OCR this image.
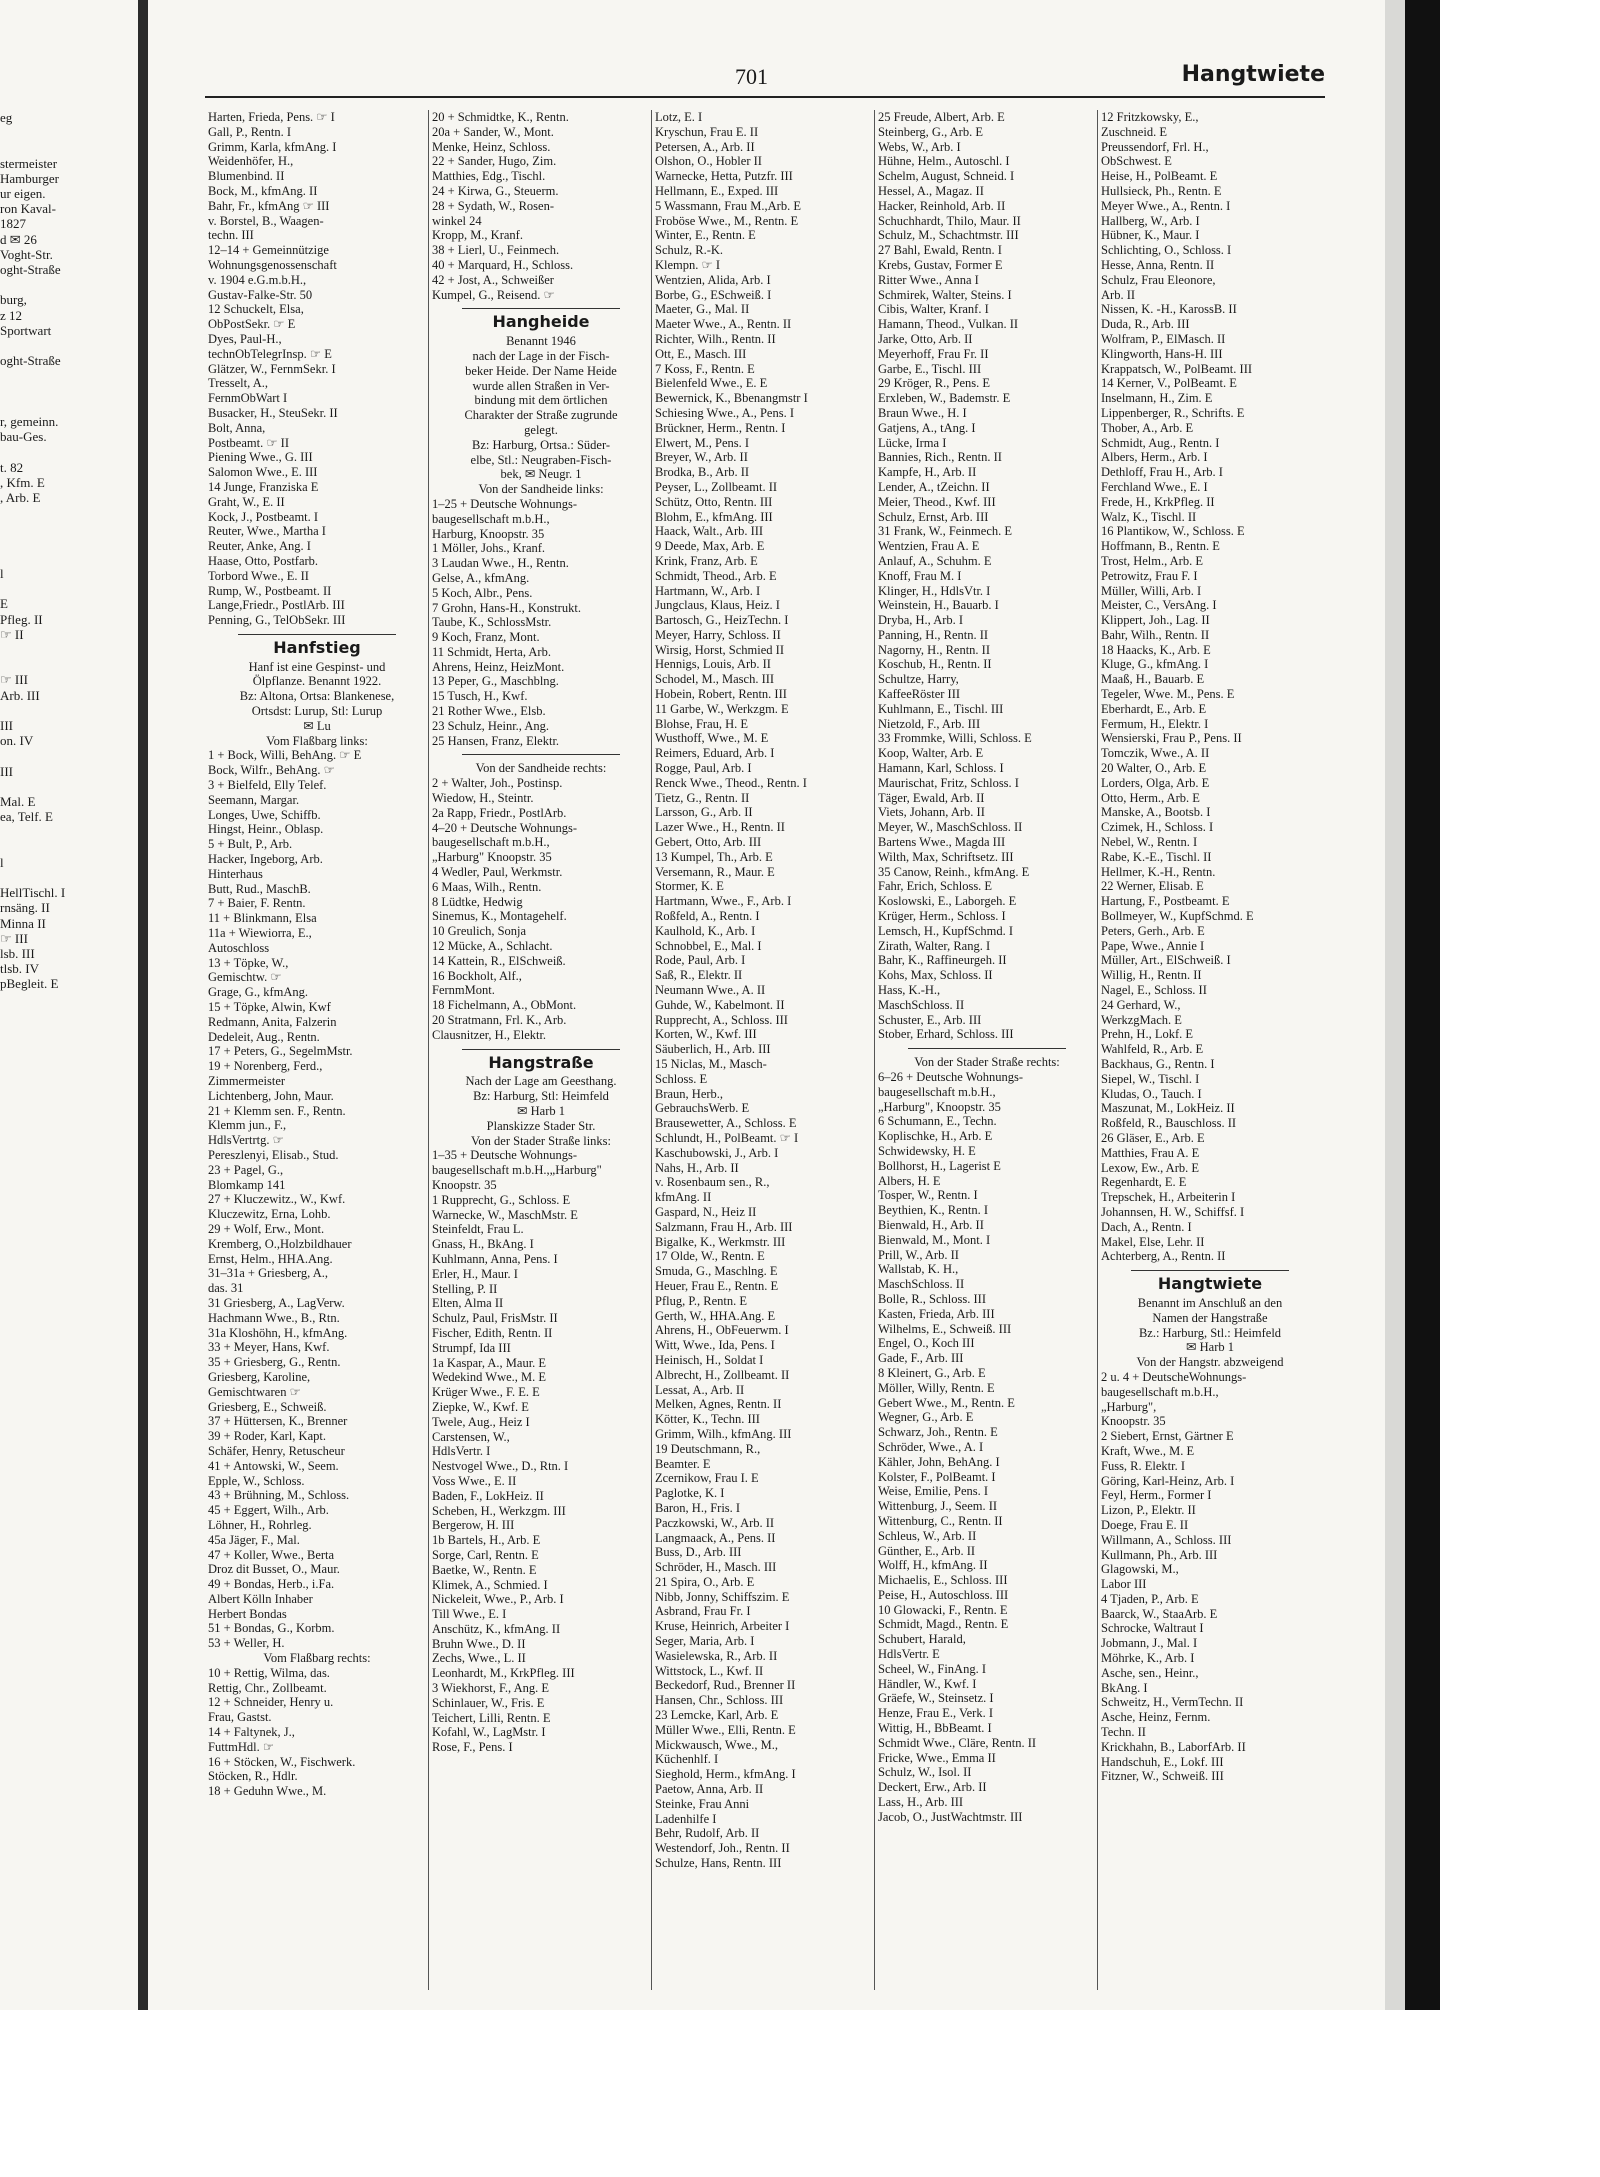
eg
stermeister
Hamburger
ur eigen.
ron Kaval-
1827
d ✉ 26
Voght-Str.
oght-Straße
burg,
z 12
Sportwart
oght-Straße
r, gemeinn.
bau-Ges.
t. 82
, Kfm. E
, Arb. E
l
E
Pfleg. II
☞ II
☞ III
Arb. III
III
on. IV
III
Mal. E
ea, Telf. E
l
HellTischl. I
rnsäng. II
Minna II
☞ III
lsb. III
tlsb. IV
pBegleit. E
701	Hangtwiete
Harten, Frieda, Pens. ☞ I
Gall, P., Rentn. I
Grimm, Karla, kfmAng. I
Weidenhöfer, H.,
Blumenbind. II
Bock, M., kfmAng. II
Bahr, Fr., kfmAng ☞ III
v. Borstel, B., Waagen-
techn. III
12–14 + Gemeinnützige
Wohnungsgenossenschaft
v. 1904 e.G.m.b.H.,
Gustav-Falke-Str. 50
12 Schuckelt, Elsa,
ObPostSekr. ☞ E
Dyes, Paul-H.,
technObTelegrInsp. ☞ E
Glätzer, W., FernmSekr. I
Tresselt, A.,
FernmObWart I
Busacker, H., SteuSekr. II
Bolt, Anna,
Postbeamt. ☞ II
Piening Wwe., G. III
Salomon Wwe., E. III
14 Junge, Franziska E
Graht, W., E. II
Kock, J., Postbeamt. I
Reuter, Wwe., Martha I
Reuter, Anke, Ang. I
Haase, Otto, Postfarb.
Torbord Wwe., E. II
Rump, W., Postbeamt. II
Lange,Friedr., PostlArb. III
Penning, G., TelObSekr. III
Hanfstieg
Hanf ist eine Gespinst- und
Ölpflanze. Benannt 1922.
Bz: Altona, Ortsa: Blankenese,
Ortsdst: Lurup, Stl: Lurup
✉ Lu
Vom Flaßbarg links:
1 + Bock, Willi, BehAng. ☞ E
Bock, Wilfr., BehAng. ☞
3 + Bielfeld, Elly Telef.
Seemann, Margar.
Longes, Uwe, Schiffb.
Hingst, Heinr., Oblasp.
5 + Bult, P., Arb.
Hacker, Ingeborg, Arb.
Hinterhaus
Butt, Rud., MaschB.
7 + Baier, F. Rentn.
11 + Blinkmann, Elsa
11a + Wiewiorra, E.,
Autoschloss
13 + Töpke, W.,
Gemischtw. ☞
Grage, G., kfmAng.
15 + Töpke, Alwin, Kwf
Redmann, Anita, Falzerin
Dedeleit, Aug., Rentn.
17 + Peters, G., SegelmMstr.
19 + Norenberg, Ferd.,
Zimmermeister
Lichtenberg, John, Maur.
21 + Klemm sen. F., Rentn.
Klemm jun., F.,
HdlsVertrtg. ☞
Pereszlenyi, Elisab., Stud.
23 + Pagel, G.,
Blomkamp 141
27 + Kluczewitz., W., Kwf.
Kluczewitz, Erna, Lohb.
29 + Wolf, Erw., Mont.
Kremberg, O.,Holzbildhauer
Ernst, Helm., HHA.Ang.
31–31a + Griesberg, A.,
das. 31
31 Griesberg, A., LagVerw.
Hachmann Wwe., B., Rtn.
31a Kloshöhn, H., kfmAng.
33 + Meyer, Hans, Kwf.
35 + Griesberg, G., Rentn.
Griesberg, Karoline,
Gemischtwaren ☞
Griesberg, E., Schweiß.
37 + Hüttersen, K., Brenner
39 + Roder, Karl, Kapt.
Schäfer, Henry, Retuscheur
41 + Antowski, W., Seem.
Epple, W., Schloss.
43 + Brühning, M., Schloss.
45 + Eggert, Wilh., Arb.
Löhner, H., Rohrleg.
45a Jäger, F., Mal.
47 + Koller, Wwe., Berta
Droz dit Busset, O., Maur.
49 + Bondas, Herb., i.Fa.
Albert Kölln Inhaber
Herbert Bondas
51 + Bondas, G., Korbm.
53 + Weller, H.
Vom Flaßbarg rechts:
10 + Rettig, Wilma, das.
Rettig, Chr., Zollbeamt.
12 + Schneider, Henry u.
Frau, Gastst.
14 + Faltynek, J.,
FuttmHdl. ☞
16 + Stöcken, W., Fischwerk.
Stöcken, R., Hdlr.
18 + Geduhn Wwe., M.
20 + Schmidtke, K., Rentn.
20a + Sander, W., Mont.
Menke, Heinz, Schloss.
22 + Sander, Hugo, Zim.
Matthies, Edg., Tischl.
24 + Kirwa, G., Steuerm.
28 + Sydath, W., Rosen-
winkel 24
Kropp, M., Kranf.
38 + Lierl, U., Feinmech.
40 + Marquard, H., Schloss.
42 + Jost, A., Schweißer
Kumpel, G., Reisend. ☞
Hangheide
Benannt 1946
nach der Lage in der Fisch-
beker Heide. Der Name Heide
wurde allen Straßen in Ver-
bindung mit dem örtlichen
Charakter der Straße zugrunde
gelegt.
Bz: Harburg, Ortsa.: Süder-
elbe, Stl.: Neugraben-Fisch-
bek, ✉ Neugr. 1
Von der Sandheide links:
1–25 + Deutsche Wohnungs-
baugesellschaft m.b.H.,
Harburg, Knoopstr. 35
1 Möller, Johs., Kranf.
3 Laudan Wwe., H., Rentn.
Gelse, A., kfmAng.
5 Koch, Albr., Pens.
7 Grohn, Hans-H., Konstrukt.
Taube, K., SchlossMstr.
9 Koch, Franz, Mont.
11 Schmidt, Herta, Arb.
Ahrens, Heinz, HeizMont.
13 Peper, G., Maschblng.
15 Tusch, H., Kwf.
21 Rother Wwe., Elsb.
23 Schulz, Heinr., Ang.
25 Hansen, Franz, Elektr.
Von der Sandheide rechts:
2 + Walter, Joh., Postinsp.
Wiedow, H., Steintr.
2a Rapp, Friedr., PostlArb.
4–20 + Deutsche Wohnungs-
baugesellschaft m.b.H.,
„Harburg" Knoopstr. 35
4 Wedler, Paul, Werkmstr.
6 Maas, Wilh., Rentn.
8 Lüdtke, Hedwig
Sinemus, K., Montagehelf.
10 Greulich, Sonja
12 Mücke, A., Schlacht.
14 Kattein, R., ElSchweiß.
16 Bockholt, Alf.,
FernmMont.
18 Fichelmann, A., ObMont.
20 Stratmann, Frl. K., Arb.
Clausnitzer, H., Elektr.
Hangstraße
Nach der Lage am Geesthang.
Bz: Harburg, Stl: Heimfeld
✉ Harb 1
Planskizze Stader Str.
Von der Stader Straße links:
1–35 + Deutsche Wohnungs-
baugesellschaft m.b.H.,„Harburg"
Knoopstr. 35
1 Rupprecht, G., Schloss. E
Warnecke, W., MaschMstr. E
Steinfeldt, Frau L.
Gnass, H., BkAng. I
Kuhlmann, Anna, Pens. I
Erler, H., Maur. I
Stelling, P. II
Elten, Alma II
Schulz, Paul, FrisMstr. II
Fischer, Edith, Rentn. II
Strumpf, Ida III
1a Kaspar, A., Maur. E
Wedekind Wwe., M. E
Krüger Wwe., F. E. E
Ziepke, W., Kwf. E
Twele, Aug., Heiz I
Carstensen, W.,
HdlsVertr. I
Nestvogel Wwe., D., Rtn. I
Voss Wwe., E. II
Baden, F., LokHeiz. II
Scheben, H., Werkzgm. III
Bergerow, H. III
1b Bartels, H., Arb. E
Sorge, Carl, Rentn. E
Baetke, W., Rentn. E
Klimek, A., Schmied. I
Nickeleit, Wwe., P., Arb. I
Till Wwe., E. I
Anschütz, K., kfmAng. II
Bruhn Wwe., D. II
Zechs, Wwe., L. II
Leonhardt, M., KrkPfleg. III
3 Wiekhorst, F., Ang. E
Schinlauer, W., Fris. E
Teichert, Lilli, Rentn. E
Kofahl, W., LagMstr. I
Rose, F., Pens. I
Lotz, E. I
Kryschun, Frau E. II
Petersen, A., Arb. II
Olshon, O., Hobler II
Warnecke, Hetta, Putzfr. III
Hellmann, E., Exped. III
5 Wassmann, Frau M.,Arb. E
Froböse Wwe., M., Rentn. E
Winter, E., Rentn. E
Schulz, R.-K.
Klempn. ☞ I
Wentzien, Alida, Arb. I
Borbe, G., ESchweiß. I
Maeter, G., Mal. II
Maeter Wwe., A., Rentn. II
Richter, Wilh., Rentn. II
Ott, E., Masch. III
7 Koss, F., Rentn. E
Bielenfeld Wwe., E. E
Bewernick, K., Bbenangmstr I
Schiesing Wwe., A., Pens. I
Brückner, Herm., Rentn. I
Elwert, M., Pens. I
Breyer, W., Arb. II
Brodka, B., Arb. II
Peyser, L., Zollbeamt. II
Schütz, Otto, Rentn. III
Blohm, E., kfmAng. III
Haack, Walt., Arb. III
9 Deede, Max, Arb. E
Krink, Franz, Arb. E
Schmidt, Theod., Arb. E
Hartmann, W., Arb. I
Jungclaus, Klaus, Heiz. I
Bartosch, G., HeizTechn. I
Meyer, Harry, Schloss. II
Wirsig, Horst, Schmied II
Hennigs, Louis, Arb. II
Schodel, M., Masch. III
Hobein, Robert, Rentn. III
11 Garbe, W., Werkzgm. E
Blohse, Frau, H. E
Wusthoff, Wwe., M. E
Reimers, Eduard, Arb. I
Rogge, Paul, Arb. I
Renck Wwe., Theod., Rentn. I
Tietz, G., Rentn. II
Larsson, G., Arb. II
Lazer Wwe., H., Rentn. II
Gebert, Otto, Arb. III
13 Kumpel, Th., Arb. E
Versemann, R., Maur. E
Stormer, K. E
Hartmann, Wwe., F., Arb. I
Roßfeld, A., Rentn. I
Kaulhold, K., Arb. I
Schnobbel, E., Mal. I
Rode, Paul, Arb. I
Saß, R., Elektr. II
Neumann Wwe., A. II
Guhde, W., Kabelmont. II
Rupprecht, A., Schloss. III
Korten, W., Kwf. III
Säuberlich, H., Arb. III
15 Niclas, M., Masch-
Schloss. E
Braun, Herb.,
GebrauchsWerb. E
Brausewetter, A., Schloss. E
Schlundt, H., PolBeamt. ☞ I
Kaschubowski, J., Arb. I
Nahs, H., Arb. II
v. Rosenbaum sen., R.,
kfmAng. II
Gaspard, N., Heiz II
Salzmann, Frau H., Arb. III
Bigalke, K., Werkmstr. III
17 Olde, W., Rentn. E
Smuda, G., Maschlng. E
Heuer, Frau E., Rentn. E
Pflug, P., Rentn. E
Gerth, W., HHA.Ang. E
Ahrens, H., ObFeuerwm. I
Witt, Wwe., Ida, Pens. I
Heinisch, H., Soldat I
Albrecht, H., Zollbeamt. II
Lessat, A., Arb. II
Melken, Agnes, Rentn. II
Kötter, K., Techn. III
Grimm, Wilh., kfmAng. III
19 Deutschmann, R.,
Beamter. E
Zcernikow, Frau I. E
Paglotke, K. I
Baron, H., Fris. I
Paczkowski, W., Arb. II
Langmaack, A., Pens. II
Buss, D., Arb. III
Schröder, H., Masch. III
21 Spira, O., Arb. E
Nibb, Jonny, Schiffszim. E
Asbrand, Frau Fr. I
Kruse, Heinrich, Arbeiter I
Seger, Maria, Arb. I
Wasielewska, R., Arb. II
Wittstock, L., Kwf. II
Beckedorf, Rud., Brenner II
Hansen, Chr., Schloss. III
23 Lemcke, Karl, Arb. E
Müller Wwe., Elli, Rentn. E
Mickwausch, Wwe., M.,
Küchenhlf. I
Sieghold, Herm., kfmAng. I
Paetow, Anna, Arb. II
Steinke, Frau Anni
Ladenhilfe I
Behr, Rudolf, Arb. II
Westendorf, Joh., Rentn. II
Schulze, Hans, Rentn. III
25 Freude, Albert, Arb. E
Steinberg, G., Arb. E
Webs, W., Arb. I
Hühne, Helm., Autoschl. I
Schelm, August, Schneid. I
Hessel, A., Magaz. II
Hacker, Reinhold, Arb. II
Schuchhardt, Thilo, Maur. II
Schulz, M., Schachtmstr. III
27 Bahl, Ewald, Rentn. I
Krebs, Gustav, Former E
Ritter Wwe., Anna I
Schmirek, Walter, Steins. I
Cibis, Walter, Kranf. I
Hamann, Theod., Vulkan. II
Jarke, Otto, Arb. II
Meyerhoff, Frau Fr. II
Garbe, E., Tischl. III
29 Kröger, R., Pens. E
Erxleben, W., Bademstr. E
Braun Wwe., H. I
Gatjens, A., tAng. I
Lücke, Irma I
Bannies, Rich., Rentn. II
Kampfe, H., Arb. II
Lender, A., tZeichn. II
Meier, Theod., Kwf. III
Schulz, Ernst, Arb. III
31 Frank, W., Feinmech. E
Wentzien, Frau A. E
Anlauf, A., Schuhm. E
Knoff, Frau M. I
Klinger, H., HdlsVtr. I
Weinstein, H., Bauarb. I
Dryba, H., Arb. I
Panning, H., Rentn. II
Nagorny, H., Rentn. II
Koschub, H., Rentn. II
Schultze, Harry,
KaffeeRöster III
Kuhlmann, E., Tischl. III
Nietzold, F., Arb. III
33 Frommke, Willi, Schloss. E
Koop, Walter, Arb. E
Hamann, Karl, Schloss. I
Maurischat, Fritz, Schloss. I
Täger, Ewald, Arb. II
Viets, Johann, Arb. II
Meyer, W., MaschSchloss. II
Bartens Wwe., Magda III
Wilth, Max, Schriftsetz. III
35 Canow, Reinh., kfmAng. E
Fahr, Erich, Schloss. E
Koslowski, E., Laborgeh. E
Krüger, Herm., Schloss. I
Lemsch, H., KupfSchmd. I
Zirath, Walter, Rang. I
Bahr, K., Raffineurgeh. II
Kohs, Max, Schloss. II
Hass, K.-H.,
MaschSchloss. II
Schuster, E., Arb. III
Stober, Erhard, Schloss. III
Von der Stader Straße rechts:
6–26 + Deutsche Wohnungs-
baugesellschaft m.b.H.,
„Harburg", Knoopstr. 35
6 Schumann, E., Techn.
Koplischke, H., Arb. E
Schwidewsky, H. E
Bollhorst, H., Lagerist E
Albers, H. E
Tosper, W., Rentn. I
Beythien, K., Rentn. I
Bienwald, H., Arb. II
Bienwald, M., Mont. I
Prill, W., Arb. II
Wallstab, K. H.,
MaschSchloss. II
Bolle, R., Schloss. III
Kasten, Frieda, Arb. III
Wilhelms, E., Schweiß. III
Engel, O., Koch III
Gade, F., Arb. III
8 Kleinert, G., Arb. E
Möller, Willy, Rentn. E
Gebert Wwe., M., Rentn. E
Wegner, G., Arb. E
Schwarz, Joh., Rentn. E
Schröder, Wwe., A. I
Kähler, John, BehAng. I
Kolster, F., PolBeamt. I
Weise, Emilie, Pens. I
Wittenburg, J., Seem. II
Wittenburg, C., Rentn. II
Schleus, W., Arb. II
Günther, E., Arb. II
Wolff, H., kfmAng. II
Michaelis, E., Schloss. III
Peise, H., Autoschloss. III
10 Glowacki, F., Rentn. E
Schmidt, Magd., Rentn. E
Schubert, Harald,
HdlsVertr. E
Scheel, W., FinAng. I
Händler, W., Kwf. I
Gräefe, W., Steinsetz. I
Henze, Frau E., Verk. I
Wittig, H., BbBeamt. I
Schmidt Wwe., Cläre, Rentn. II
Fricke, Wwe., Emma II
Schulz, W., Isol. II
Deckert, Erw., Arb. II
Lass, H., Arb. III
Jacob, O., JustWachtmstr. III
12 Fritzkowsky, E.,
Zuschneid. E
Preussendorf, Frl. H.,
ObSchwest. E
Heise, H., PolBeamt. E
Hullsieck, Ph., Rentn. E
Meyer Wwe., A., Rentn. I
Hallberg, W., Arb. I
Hübner, K., Maur. I
Schlichting, O., Schloss. I
Hesse, Anna, Rentn. II
Schulz, Frau Eleonore,
Arb. II
Nissen, K. -H., KarossB. II
Duda, R., Arb. III
Wolfram, P., ElMasch. II
Klingworth, Hans-H. III
Krappatsch, W., PolBeamt. III
14 Kerner, V., PolBeamt. E
Inselmann, H., Zim. E
Lippenberger, R., Schrifts. E
Thober, A., Arb. E
Schmidt, Aug., Rentn. I
Albers, Herm., Arb. I
Dethloff, Frau H., Arb. I
Ferchland Wwe., E. I
Frede, H., KrkPfleg. II
Walz, K., Tischl. II
16 Plantikow, W., Schloss. E
Hoffmann, B., Rentn. E
Trost, Helm., Arb. E
Petrowitz, Frau F. I
Müller, Willi, Arb. I
Meister, C., VersAng. I
Klippert, Joh., Lag. II
Bahr, Wilh., Rentn. II
18 Haacks, K., Arb. E
Kluge, G., kfmAng. I
Maaß, H., Bauarb. E
Tegeler, Wwe. M., Pens. E
Eberhardt, E., Arb. E
Fermum, H., Elektr. I
Wensierski, Frau P., Pens. II
Tomczik, Wwe., A. II
20 Walter, O., Arb. E
Lorders, Olga, Arb. E
Otto, Herm., Arb. E
Manske, A., Bootsb. I
Czimek, H., Schloss. I
Nebel, W., Rentn. I
Rabe, K.-E., Tischl. II
Hellmer, K.-H., Rentn.
22 Werner, Elisab. E
Hartung, F., Postbeamt. E
Bollmeyer, W., KupfSchmd. E
Peters, Gerh., Arb. E
Pape, Wwe., Annie I
Müller, Art., ElSchweiß. I
Willig, H., Rentn. II
Nagel, E., Schloss. II
24 Gerhard, W.,
WerkzgMach. E
Prehn, H., Lokf. E
Wahlfeld, R., Arb. E
Backhaus, G., Rentn. I
Siepel, W., Tischl. I
Kludas, O., Tauch. I
Maszunat, M., LokHeiz. II
Roßfeld, R., Bauschloss. II
26 Gläser, E., Arb. E
Matthies, Frau A. E
Lexow, Ew., Arb. E
Regenhardt, E. E
Trepschek, H., Arbeiterin I
Johannsen, H. W., Schiffsf. I
Dach, A., Rentn. I
Makel, Else, Lehr. II
Achterberg, A., Rentn. II
Hangtwiete
Benannt im Anschluß an den
Namen der Hangstraße
Bz.: Harburg, Stl.: Heimfeld
✉ Harb 1
Von der Hangstr. abzweigend
2 u. 4 + DeutscheWohnungs-
baugesellschaft m.b.H.,
„Harburg",
Knoopstr. 35
2 Siebert, Ernst, Gärtner E
Kraft, Wwe., M. E
Fuss, R. Elektr. I
Göring, Karl-Heinz, Arb. I
Feyl, Herm., Former I
Lizon, P., Elektr. II
Doege, Frau E. II
Willmann, A., Schloss. III
Kullmann, Ph., Arb. III
Glagowski, M.,
Labor III
4 Tjaden, P., Arb. E
Baarck, W., StaaArb. E
Schrocke, Waltraut I
Jobmann, J., Mal. I
Möhrke, K., Arb. I
Asche, sen., Heinr.,
BkAng. I
Schweitz, H., VermTechn. II
Asche, Heinz, Fernm.
Techn. II
Krickhahn, B., LaborfArb. II
Handschuh, E., Lokf. III
Fitzner, W., Schweiß. III
